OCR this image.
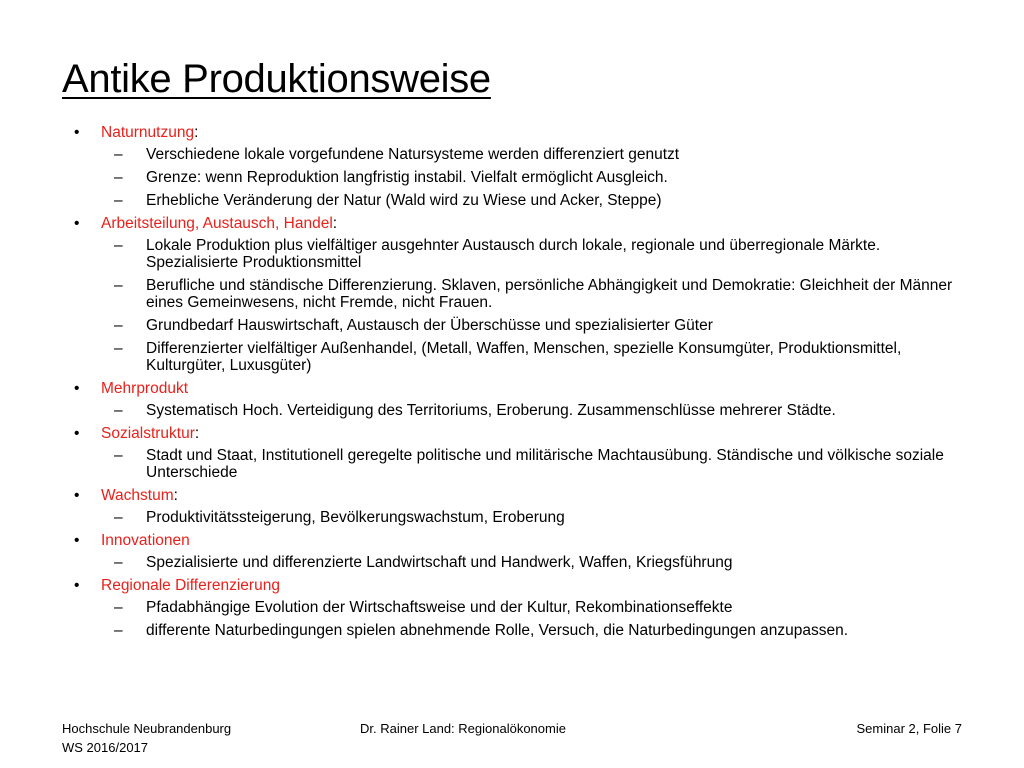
Antike Produktionsweise
• Naturnutzung:
– Verschiedene lokale vorgefundene Natursysteme werden differenziert genutzt
– Grenze: wenn Reproduktion langfristig instabil. Vielfalt ermöglicht Ausgleich.
– Erhebliche Veränderung der Natur (Wald wird zu Wiese und Acker, Steppe)
• Arbeitsteilung, Austausch, Handel:
– Lokale Produktion plus vielfältiger ausgehnter Austausch durch lokale, regionale und überregionale Märkte. Spezialisierte Produktionsmittel
– Berufliche und ständische Differenzierung. Sklaven, persönliche Abhängigkeit und Demokratie: Gleichheit der Männer eines Gemeinwesens, nicht Fremde, nicht Frauen.
– Grundbedarf Hauswirtschaft, Austausch der Überschüsse und spezialisierter Güter
– Differenzierter vielfältiger Außenhandel, (Metall, Waffen, Menschen, spezielle Konsumgüter, Produktionsmittel, Kulturgüter, Luxusgüter)
• Mehrprodukt
– Systematisch Hoch. Verteidigung des Territoriums, Eroberung. Zusammenschlüsse mehrerer Städte.
• Sozialstruktur:
– Stadt und Staat, Institutionell geregelte politische und militärische Machtausübung. Ständische und völkische soziale Unterschiede
• Wachstum:
– Produktivitätssteigerung, Bevölkerungswachstum, Eroberung
• Innovationen
– Spezialisierte und differenzierte Landwirtschaft und Handwerk, Waffen, Kriegsführung
• Regionale Differenzierung
– Pfadabhängige Evolution der Wirtschaftsweise und der Kultur, Rekombinationseffekte
– differente Naturbedingungen spielen abnehmende Rolle, Versuch, die Naturbedingungen anzupassen.
Hochschule Neubrandenburg
WS 2016/2017
Dr. Rainer Land: Regionalökonomie	Seminar 2, Folie 7
